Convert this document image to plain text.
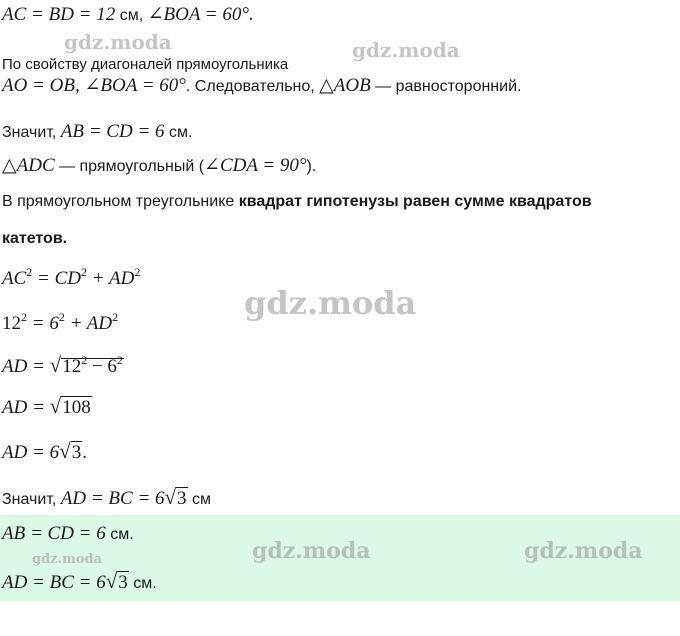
AC = BD = 12 см, ∠BOA = 60°.
По свойству диагоналей прямоугольника
AO = OB, ∠BOA = 60°. Следовательно, △AOB — равносторонний.
Значит, AB = CD = 6 см.
△ADC — прямоугольный (∠CDA = 90°).
В прямоугольном треугольнике квадрат гипотенузы равен сумме квадратов
катетов.
$AC^2 = CD^2 + AD^2$
$12^2 = 6^2 + AD^2$
AD = $√12^2 - 6^2$
AD = √108
AD = 6√3.
Значит, AD = BC = 6√3 см
AB = CD = 6 см.
AD = BC = 6√3 см.
gdz.moda	gdz.moda
gdz.moda
gdz.moda	gdz.moda
gdz.moda
